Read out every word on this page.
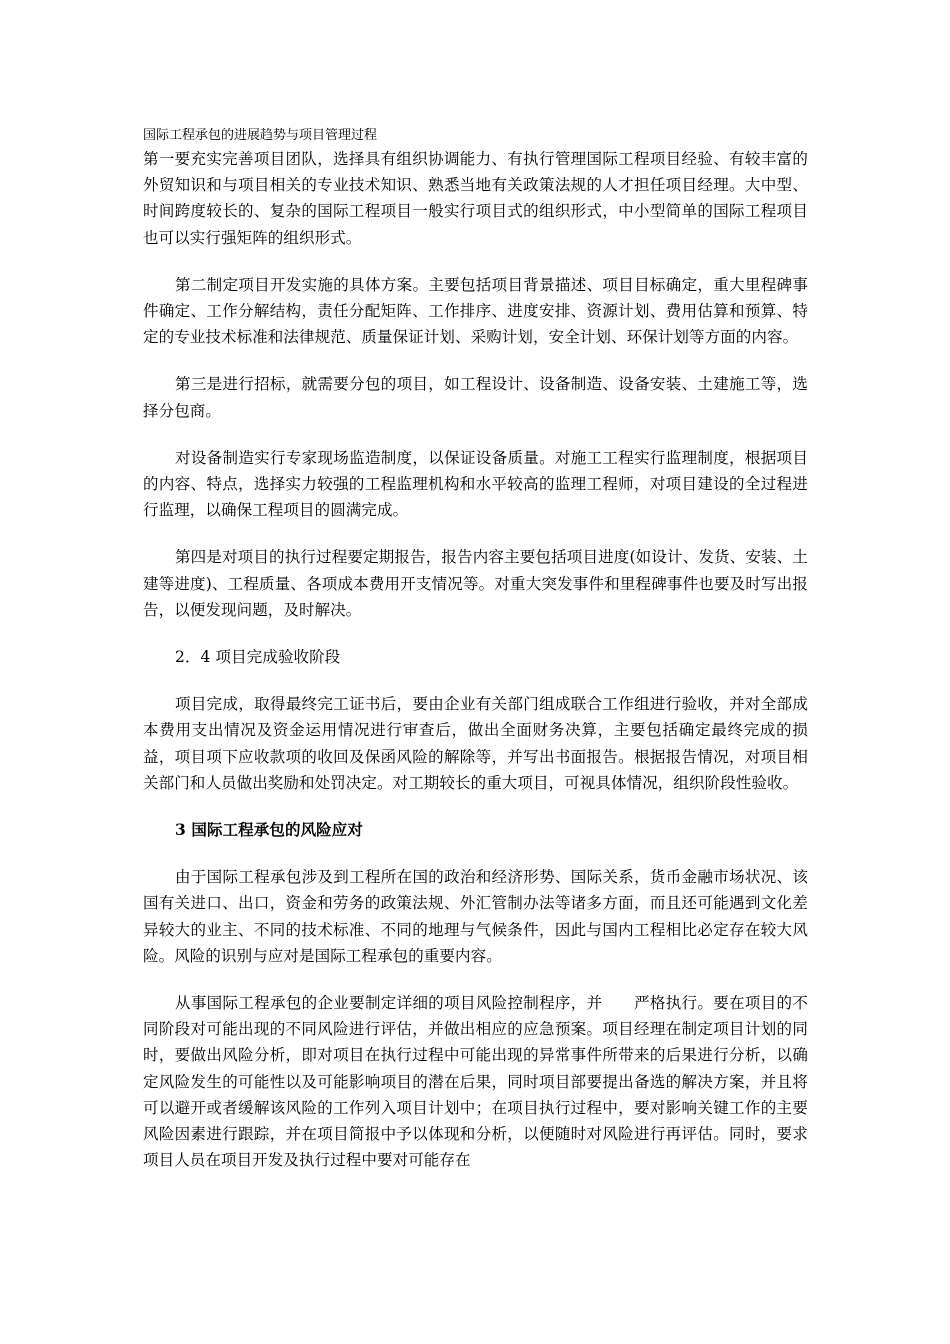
国际工程承包的进展趋势与项目管理过程

第一要充实完善项目团队，选择具有组织协调能力、有执行管理国际工程项目经验、有较丰富的外贸知识和与项目相关的专业技术知识、熟悉当地有关政策法规的人才担任项目经理。大中型、时间跨度较长的、复杂的国际工程项目一般实行项目式的组织形式，中小型简单的国际工程项目也可以实行强矩阵的组织形式。

第二制定项目开发实施的具体方案。主要包括项目背景描述、项目目标确定，重大里程碑事件确定、工作分解结构，责任分配矩阵、工作排序、进度安排、资源计划、费用估算和预算、特定的专业技术标准和法律规范、质量保证计划、采购计划，安全计划、环保计划等方面的内容。

第三是进行招标，就需要分包的项目，如工程设计、设备制造、设备安装、土建施工等，选择分包商。

对设备制造实行专家现场监造制度，以保证设备质量。对施工工程实行监理制度，根据项目的内容、特点，选择实力较强的工程监理机构和水平较高的监理工程师，对项目建设的全过程进行监理，以确保工程项目的圆满完成。

第四是对项目的执行过程要定期报告，报告内容主要包括项目进度(如设计、发货、安装、土建等进度)、工程质量、各项成本费用开支情况等。对重大突发事件和里程碑事件也要及时写出报告，以便发现问题，及时解决。

2．4 项目完成验收阶段

项目完成，取得最终完工证书后，要由企业有关部门组成联合工作组进行验收，并对全部成本费用支出情况及资金运用情况进行审查后，做出全面财务决算，主要包括确定最终完成的损益，项目项下应收款项的收回及保函风险的解除等，并写出书面报告。根据报告情况，对项目相关部门和人员做出奖励和处罚决定。对工期较长的重大项目，可视具体情况，组织阶段性验收。

3 国际工程承包的风险应对

由于国际工程承包涉及到工程所在国的政治和经济形势、国际关系，货币金融市场状况、该国有关进口、出口，资金和劳务的政策法规、外汇管制办法等诸多方面，而且还可能遇到文化差异较大的业主、不同的技术标准、不同的地理与气候条件，因此与国内工程相比必定存在较大风险。风险的识别与应对是国际工程承包的重要内容。

从事国际工程承包的企业要制定详细的项目风险控制程序，并　　严格执行。要在项目的不同阶段对可能出现的不同风险进行评估，并做出相应的应急预案。项目经理在制定项目计划的同时，要做出风险分析，即对项目在执行过程中可能出现的异常事件所带来的后果进行分析，以确定风险发生的可能性以及可能影响项目的潜在后果，同时项目部要提出备选的解决方案，并且将可以避开或者缓解该风险的工作列入项目计划中；在项目执行过程中，要对影响关键工作的主要风险因素进行跟踪，并在项目简报中予以体现和分析，以便随时对风险进行再评估。同时，要求项目人员在项目开发及执行过程中要对可能存在
